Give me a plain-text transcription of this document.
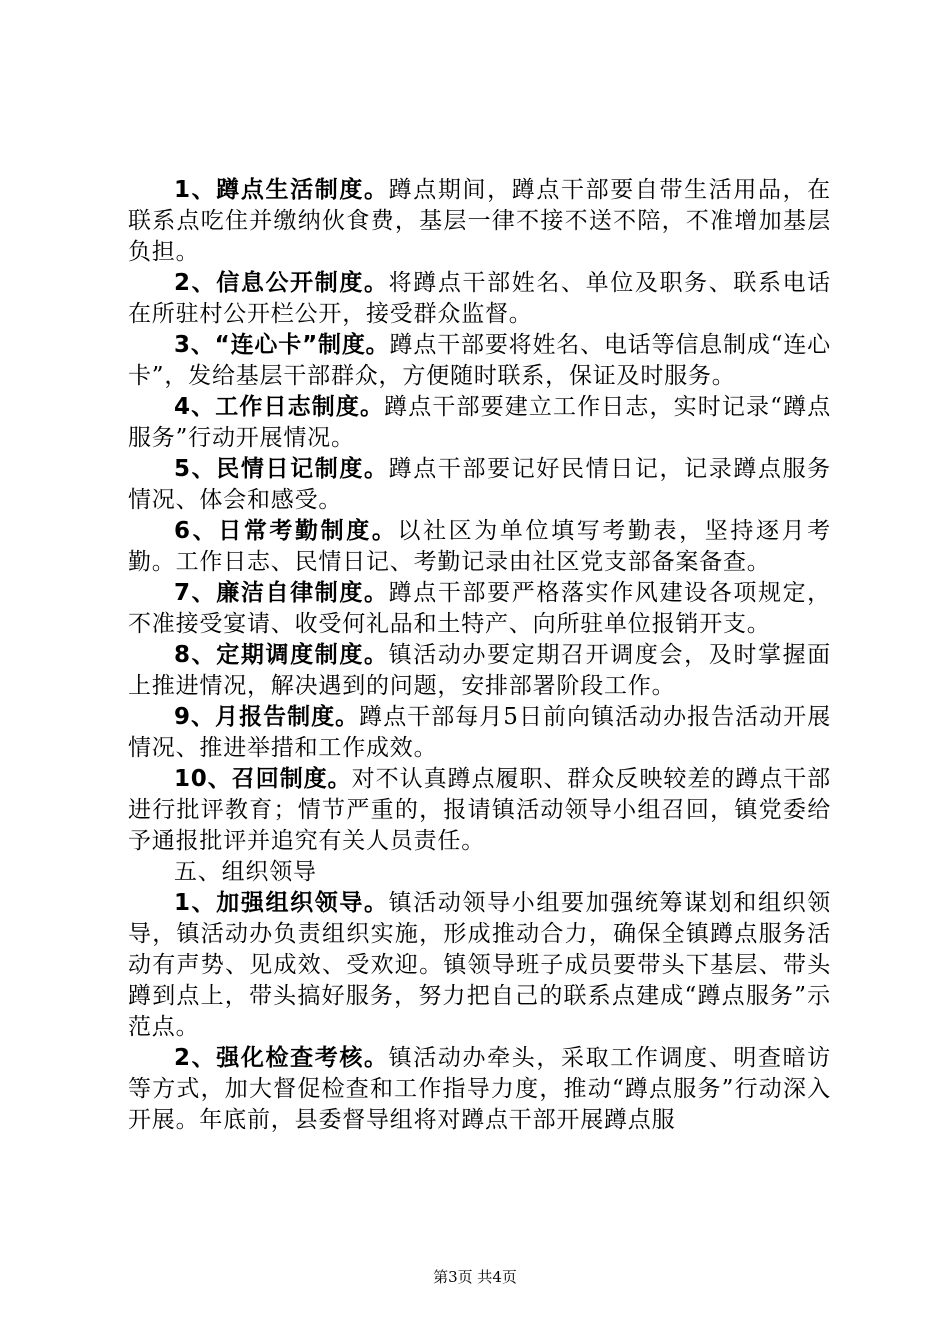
1、蹲点生活制度。蹲点期间，蹲点干部要自带生活用品，在联系点吃住并缴纳伙食费，基层一律不接不送不陪，不准增加基层负担。

2、信息公开制度。将蹲点干部姓名、单位及职务、联系电话在所驻村公开栏公开，接受群众监督。

3、“连心卡”制度。蹲点干部要将姓名、电话等信息制成“连心卡”，发给基层干部群众，方便随时联系，保证及时服务。

4、工作日志制度。蹲点干部要建立工作日志，实时记录“蹲点服务”行动开展情况。

5、民情日记制度。蹲点干部要记好民情日记，记录蹲点服务情况、体会和感受。

6、日常考勤制度。以社区为单位填写考勤表，坚持逐月考勤。工作日志、民情日记、考勤记录由社区党支部备案备查。

7、廉洁自律制度。蹲点干部要严格落实作风建设各项规定，不准接受宴请、收受何礼品和土特产、向所驻单位报销开支。

8、定期调度制度。镇活动办要定期召开调度会，及时掌握面上推进情况，解决遇到的问题，安排部署阶段工作。

9、月报告制度。蹲点干部每月5日前向镇活动办报告活动开展情况、推进举措和工作成效。

10、召回制度。对不认真蹲点履职、群众反映较差的蹲点干部进行批评教育；情节严重的，报请镇活动领导小组召回，镇党委给予通报批评并追究有关人员责任。

五、组织领导

1、加强组织领导。镇活动领导小组要加强统筹谋划和组织领导，镇活动办负责组织实施，形成推动合力，确保全镇蹲点服务活动有声势、见成效、受欢迎。镇领导班子成员要带头下基层、带头蹲到点上，带头搞好服务，努力把自己的联系点建成“蹲点服务”示范点。

2、强化检查考核。镇活动办牵头，采取工作调度、明查暗访等方式，加大督促检查和工作指导力度，推动“蹲点服务”行动深入开展。年底前，县委督导组将对蹲点干部开展蹲点服

第3页 共4页
